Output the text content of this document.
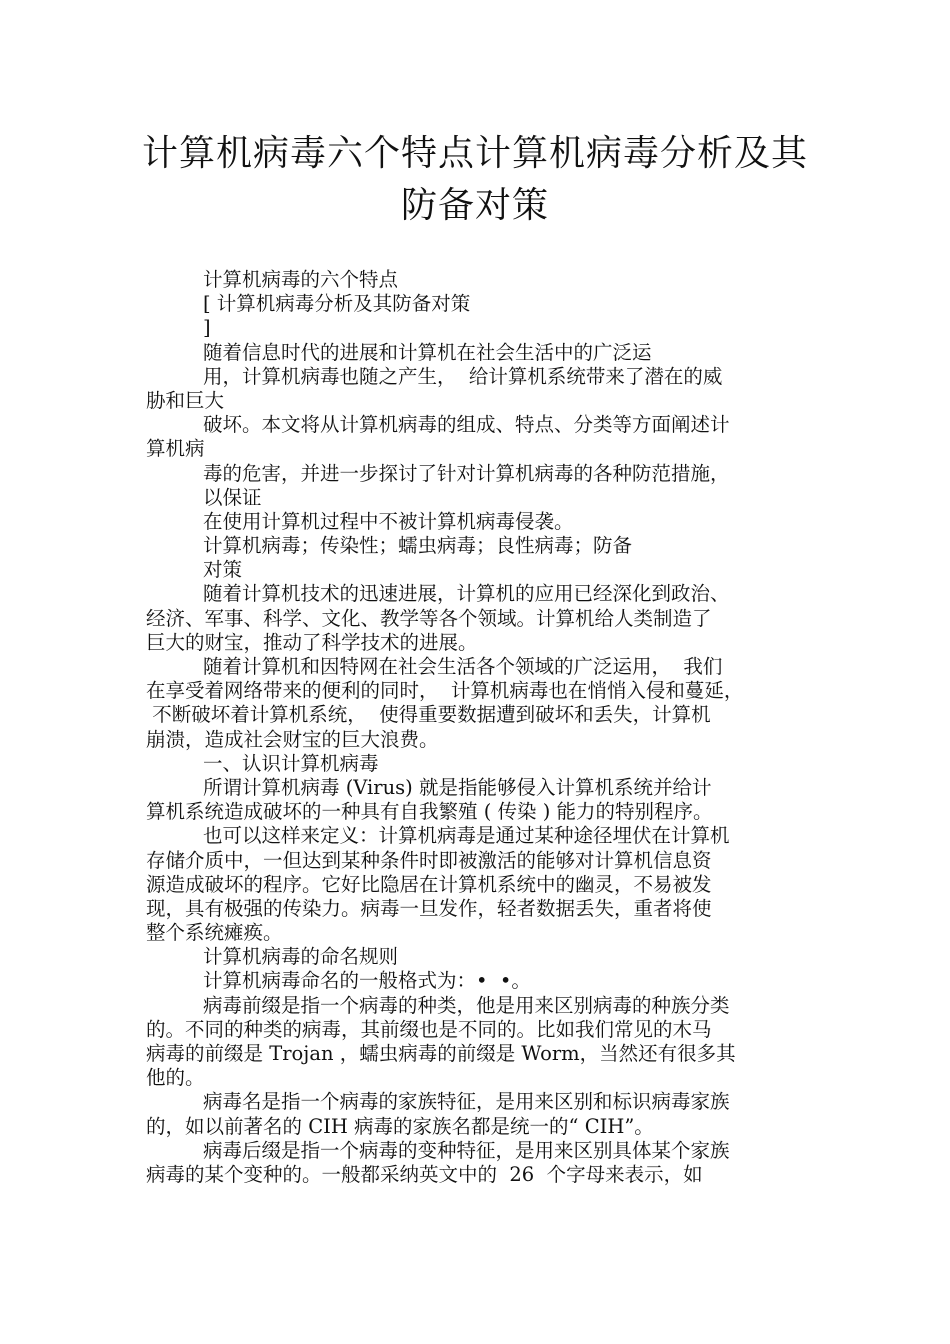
计算机病毒六个特点计算机病毒分析及其
防备对策
计算机病毒的六个特点
[ 计算机病毒分析及其防备对策
]
随着信息时代的进展和计算机在社会生活中的广泛运
用，计算机病毒也随之产生，  给计算机系统带来了潜在的威
胁和巨大
破坏。本文将从计算机病毒的组成、特点、分类等方面阐述计
算机病
毒的危害，并进一步探讨了针对计算机病毒的各种防范措施，
以保证
在使用计算机过程中不被计算机病毒侵袭。
计算机病毒；传染性；蠕虫病毒；良性病毒；防备
对策
随着计算机技术的迅速进展，计算机的应用已经深化到政治、
经济、军事、科学、文化、教学等各个领域。计算机给人类制造了
巨大的财宝，推动了科学技术的进展。
随着计算机和因特网在社会生活各个领域的广泛运用，  我们
在享受着网络带来的便利的同时，  计算机病毒也在悄悄入侵和蔓延，
不断破坏着计算机系统，  使得重要数据遭到破坏和丢失，计算机
崩溃，造成社会财宝的巨大浪费。
一、认识计算机病毒
所谓计算机病毒 (Virus) 就是指能够侵入计算机系统并给计
算机系统造成破坏的一种具有自我繁殖 ( 传染 ) 能力的特别程序。
也可以这样来定义：计算机病毒是通过某种途径埋伏在计算机
存储介质中，一但达到某种条件时即被激活的能够对计算机信息资
源造成破坏的程序。它好比隐居在计算机系统中的幽灵，不易被发
现，具有极强的传染力。病毒一旦发作，轻者数据丢失，重者将使
整个系统瘫痪。
计算机病毒的命名规则
计算机病毒命名的一般格式为：•  •。
病毒前缀是指一个病毒的种类，他是用来区别病毒的种族分类
的。不同的种类的病毒，其前缀也是不同的。比如我们常见的木马
病毒的前缀是 Trojan ，蠕虫病毒的前缀是 Worm，当然还有很多其
他的。
病毒名是指一个病毒的家族特征，是用来区别和标识病毒家族
的，如以前著名的 CIH 病毒的家族名都是统一的“ CIH”。
病毒后缀是指一个病毒的变种特征，是用来区别具体某个家族
病毒的某个变种的。一般都采纳英文中的  26  个字母来表示，如
